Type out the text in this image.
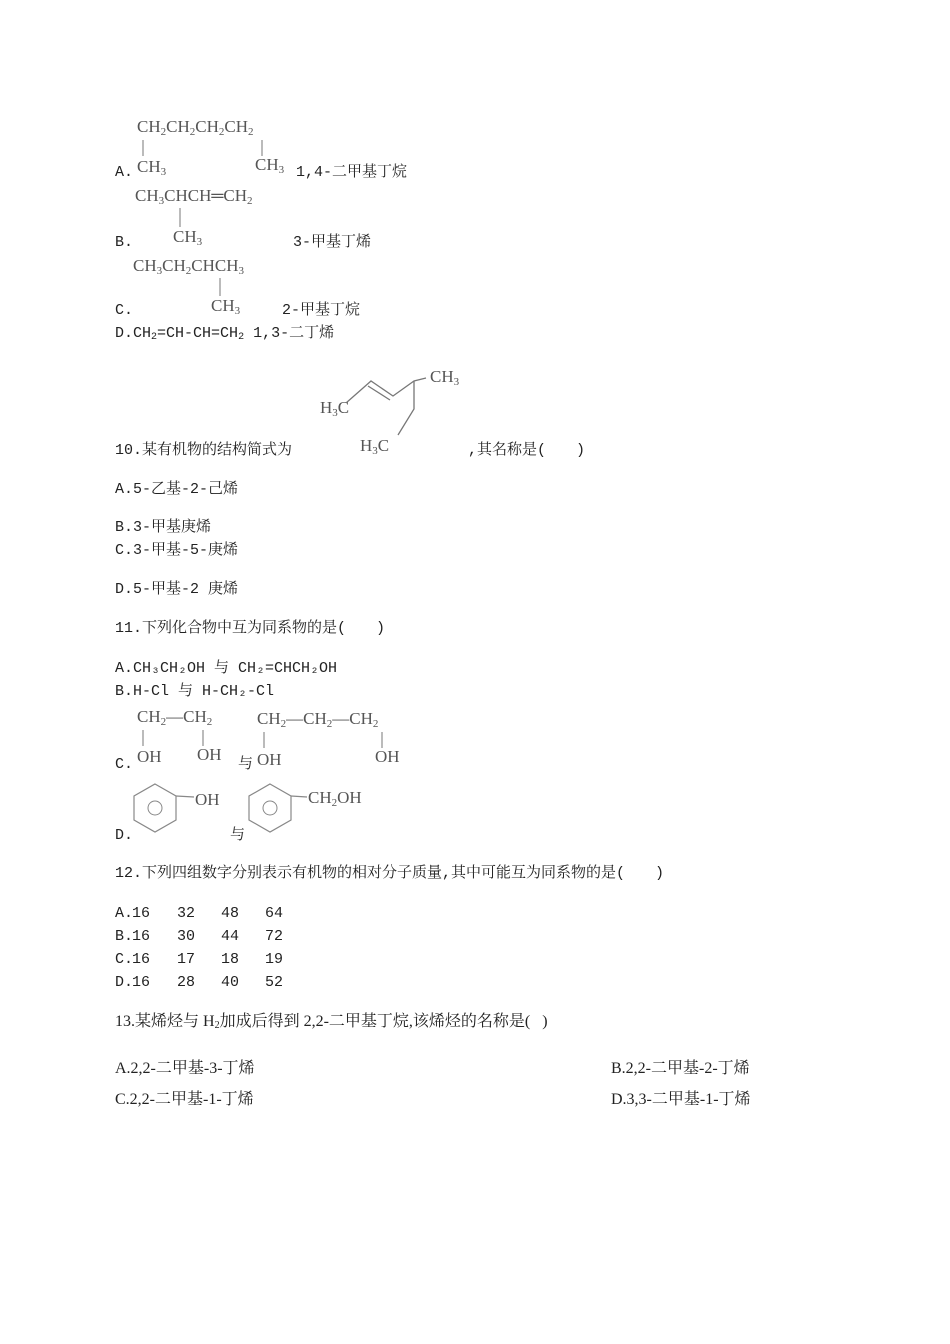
CH2CH2CH2CH2
CH3	CH3
CH3CHCH═CH2
CH3
CH3CH2CHCH3
CH3
H3C
H3C
CH3
CH2—CH2
OH OH
CH2—CH2—CH2
OH	OH
OH	CH2OH
A.	1,4-二甲基丁烷
B.	3-甲基丁烯
C.	2-甲基丁烷
$D.CH_2=CH-CH=CH_2$ 1,3-二丁烯
10.某有机物的结构简式为	,其名称是(　　)
A.5-乙基-2-己烯
B.3-甲基庚烯
C.3-甲基-5-庚烯
D.5-甲基-2 庚烯
11.下列化合物中互为同系物的是(　　)
A.CH₃CH₂OH 与 CH₂=CHCH₂OH
B.H-Cl 与 H-CH₂-Cl
C.	与
D.	与
12.下列四组数字分别表示有机物的相对分子质量,其中可能互为同系物的是(　　)
A.
16 32 48 64
B.
16 30 44 72
C.
16 17 18 19
D.
16 28 40 52
13.某烯烃与 $H_2$加成后得到 2,2-二甲基丁烷,该烯烃的名称是( )
A.2,2-二甲基-3-丁烯	B.2,2-二甲基-2-丁烯
C.2,2-二甲基-1-丁烯	D.3,3-二甲基-1-丁烯
